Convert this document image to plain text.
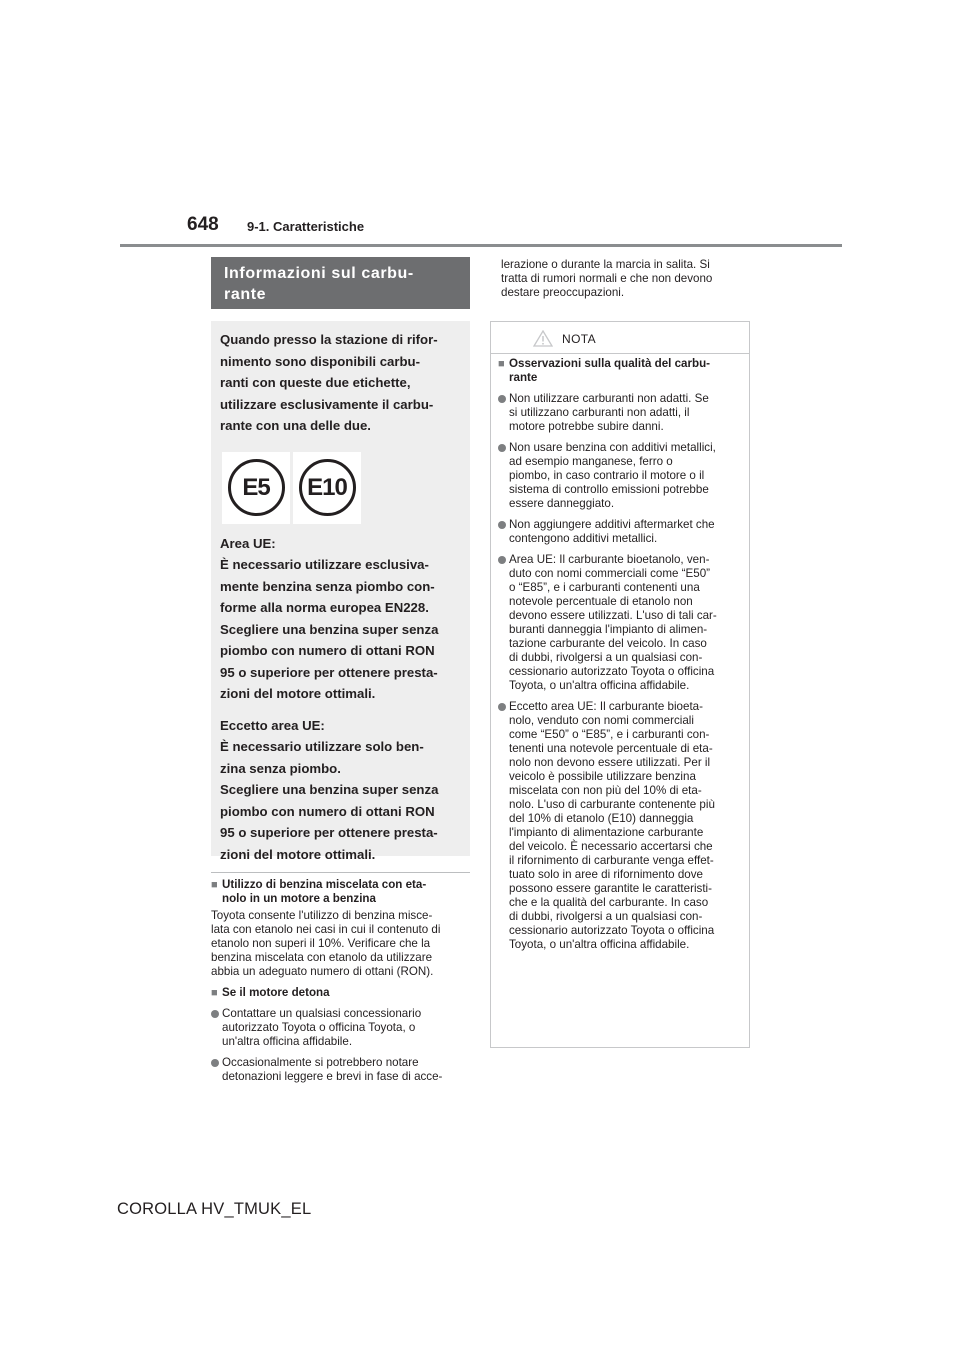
648 9-1. Caratteristiche
Informazioni sul carbu-
rante

Quando presso la stazione di rifor-

nimento sono disponibili carbu-

ranti con queste due etichette,

utilizzare esclusivamente il carbu-

rante con una delle due.

E5	E10

Area UE:

È necessario utilizzare esclusiva-

mente benzina senza piombo con-

forme alla norma europea EN228.

Scegliere una benzina super senza

piombo con numero di ottani RON

95 o superiore per ottenere presta-

zioni del motore ottimali.

Eccetto area UE:

È necessario utilizzare solo ben-

zina senza piombo.

Scegliere una benzina super senza

piombo con numero di ottani RON

95 o superiore per ottenere presta-

zioni del motore ottimali.

■ Utilizzo di benzina miscelata con eta-

nolo in un motore a benzina

Toyota consente l'utilizzo di benzina misce-

lata con etanolo nei casi in cui il contenuto di

etanolo non superi il 10%. Verificare che la

benzina miscelata con etanolo da utilizzare

abbia un adeguato numero di ottani (RON).

■ Se il motore detona

Contattare un qualsiasi concessionario

autorizzato Toyota o officina Toyota, o

un'altra officina affidabile.

Occasionalmente si potrebbero notare

detonazioni leggere e brevi in fase di acce-

lerazione o durante la marcia in salita. Si

tratta di rumori normali e che non devono

destare preoccupazioni.

NOTA
■ Osservazioni sulla qualità del carbu-

rante

Non utilizzare carburanti non adatti. Se

si utilizzano carburanti non adatti, il

motore potrebbe subire danni.

Non usare benzina con additivi metallici,

ad esempio manganese, ferro o

piombo, in caso contrario il motore o il

sistema di controllo emissioni potrebbe

essere danneggiato.

Non aggiungere additivi aftermarket che

contengono additivi metallici.

Area UE: Il carburante bioetanolo, ven-

duto con nomi commerciali come “E50”

o “E85”, e i carburanti contenenti una

notevole percentuale di etanolo non

devono essere utilizzati. L'uso di tali car-

buranti danneggia l'impianto di alimen-

tazione carburante del veicolo. In caso

di dubbi, rivolgersi a un qualsiasi con-

cessionario autorizzato Toyota o officina

Toyota, o un'altra officina affidabile.

Eccetto area UE: Il carburante bioeta-

nolo, venduto con nomi commerciali

come “E50” o “E85”, e i carburanti con-

tenenti una notevole percentuale di eta-

nolo non devono essere utilizzati. Per il

veicolo è possibile utilizzare benzina

miscelata con non più del 10% di eta-

nolo. L'uso di carburante contenente più

del 10% di etanolo (E10) danneggia

l'impianto di alimentazione carburante

del veicolo. È necessario accertarsi che

il rifornimento di carburante venga effet-

tuato solo in aree di rifornimento dove

possono essere garantite le caratteristi-

che e la qualità del carburante. In caso

di dubbi, rivolgersi a un qualsiasi con-

cessionario autorizzato Toyota o officina

Toyota, o un'altra officina affidabile.

COROLLA HV_TMUK_EL
